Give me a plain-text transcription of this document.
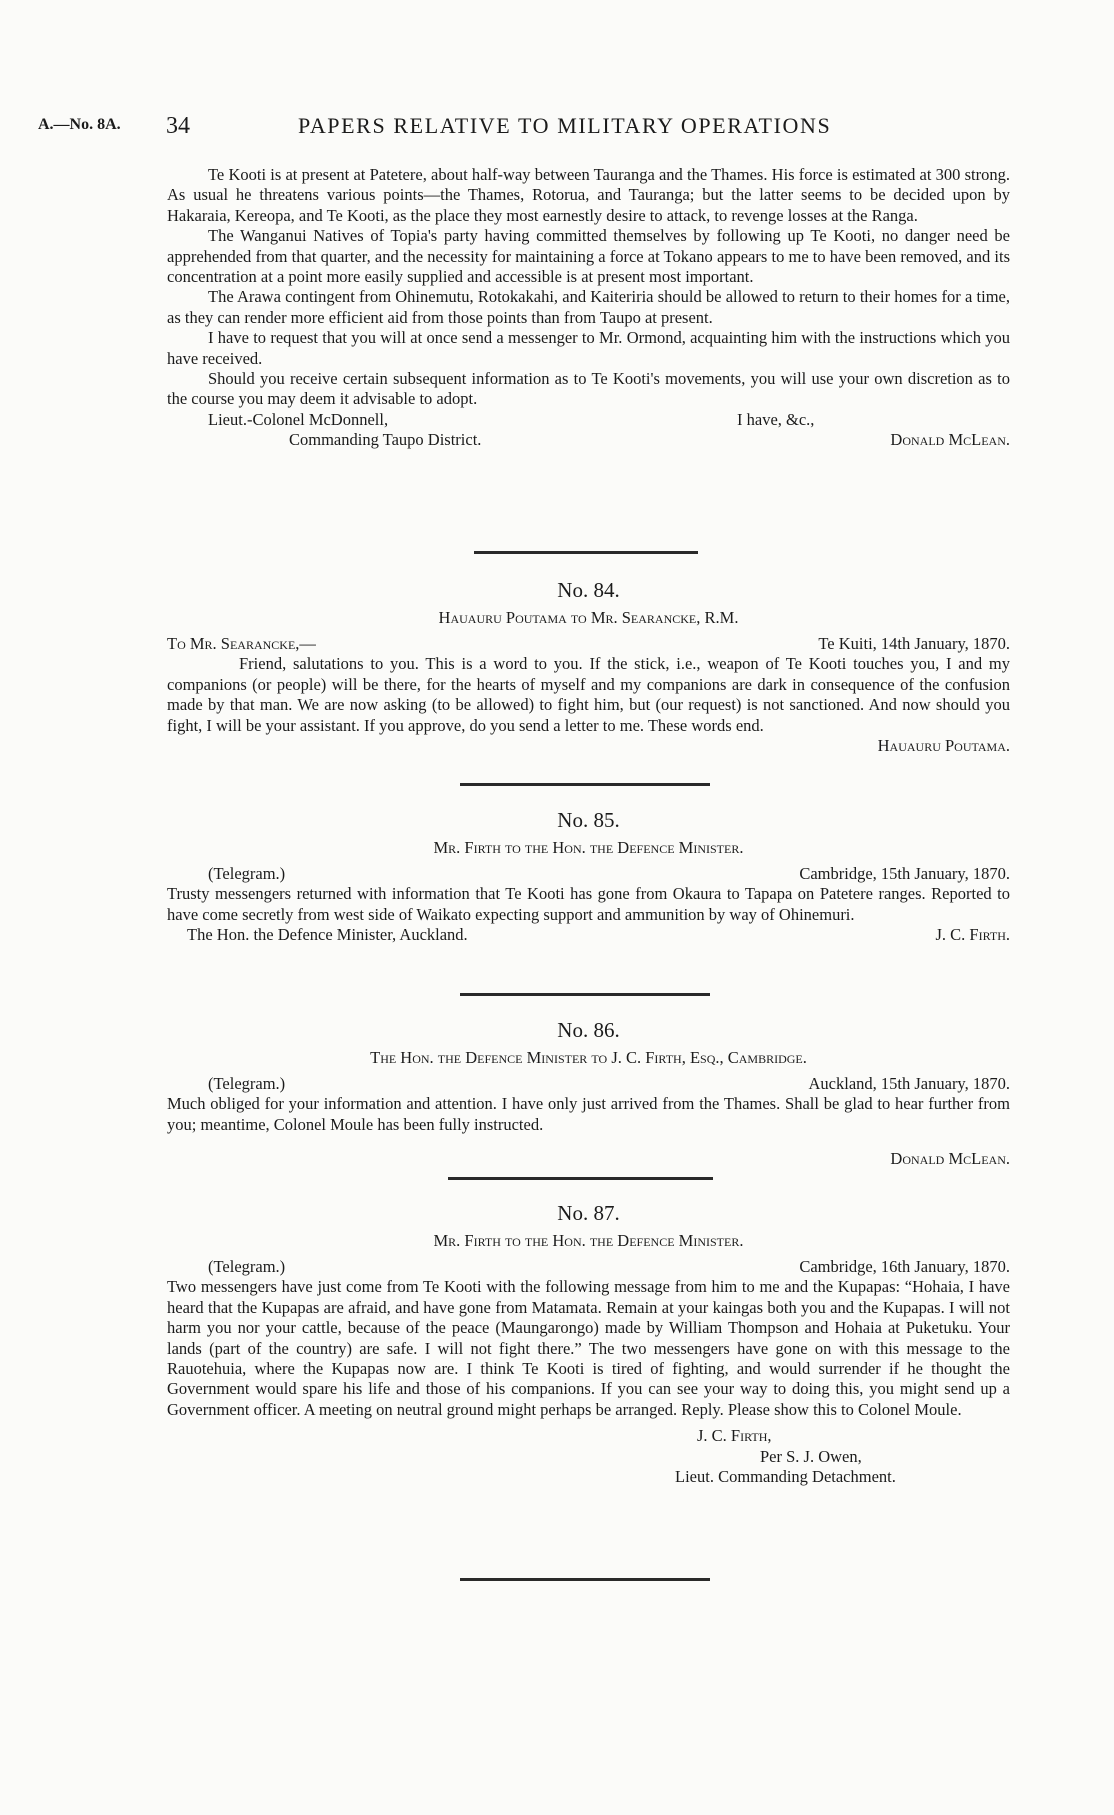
A.—No. 8A. 34	PAPERS RELATIVE TO MILITARY OPERATIONS

Te Kooti is at present at Patetere, about half-way between Tauranga and the Thames. His force is estimated at 300 strong. As usual he threatens various points—the Thames, Rotorua, and Tauranga; but the latter seems to be decided upon by Hakaraia, Kereopa, and Te Kooti, as the place they most earnestly desire to attack, to revenge losses at the Ranga.

The Wanganui Natives of Topia's party having committed themselves by following up Te Kooti, no danger need be apprehended from that quarter, and the necessity for maintaining a force at Tokano appears to me to have been removed, and its concentration at a point more easily supplied and accessible is at present most important.

The Arawa contingent from Ohinemutu, Rotokakahi, and Kaiteriria should be allowed to return to their homes for a time, as they can render more efficient aid from those points than from Taupo at present.

I have to request that you will at once send a messenger to Mr. Ormond, acquainting him with the instructions which you have received.

Should you receive certain subsequent information as to Te Kooti's movements, you will use your own discretion as to the course you may deem it advisable to adopt.

Lieut.-Colonel McDonnell,	I have, &c.,
Commanding Taupo District.	Donald McLean.
No. 84.
Hauauru Poutama to Mr. Searancke, R.M.
To Mr. Searancke,—	Te Kuiti, 14th January, 1870.

Friend, salutations to you. This is a word to you. If the stick, i.e., weapon of Te Kooti touches you, I and my companions (or people) will be there, for the hearts of myself and my companions are dark in consequence of the confusion made by that man. We are now asking (to be allowed) to fight him, but (our request) is not sanctioned. And now should you fight, I will be your assistant. If you approve, do you send a letter to me. These words end.

Hauauru Poutama.
No. 85.
Mr. Firth to the Hon. the Defence Minister.
(Telegram.)	Cambridge, 15th January, 1870.

Trusty messengers returned with information that Te Kooti has gone from Okaura to Tapapa on Patetere ranges. Reported to have come secretly from west side of Waikato expecting support and ammunition by way of Ohinemuri.

The Hon. the Defence Minister, Auckland.	J. C. Firth.
No. 86.
The Hon. the Defence Minister to J. C. Firth, Esq., Cambridge.
(Telegram.)	Auckland, 15th January, 1870.

Much obliged for your information and attention. I have only just arrived from the Thames. Shall be glad to hear further from you; meantime, Colonel Moule has been fully instructed.

Donald McLean.
No. 87.
Mr. Firth to the Hon. the Defence Minister.
(Telegram.)	Cambridge, 16th January, 1870.

Two messengers have just come from Te Kooti with the following message from him to me and the Kupapas: “Hohaia, I have heard that the Kupapas are afraid, and have gone from Matamata. Remain at your kaingas both you and the Kupapas. I will not harm you nor your cattle, because of the peace (Maungarongo) made by William Thompson and Hohaia at Puketuku. Your lands (part of the country) are safe. I will not fight there.” The two messengers have gone on with this message to the Rauotehuia, where the Kupapas now are. I think Te Kooti is tired of fighting, and would surrender if he thought the Government would spare his life and those of his companions. If you can see your way to doing this, you might send up a Government officer. A meeting on neutral ground might perhaps be arranged. Reply. Please show this to Colonel Moule.

J. C. Firth,
Per S. J. Owen,
Lieut. Commanding Detachment.
